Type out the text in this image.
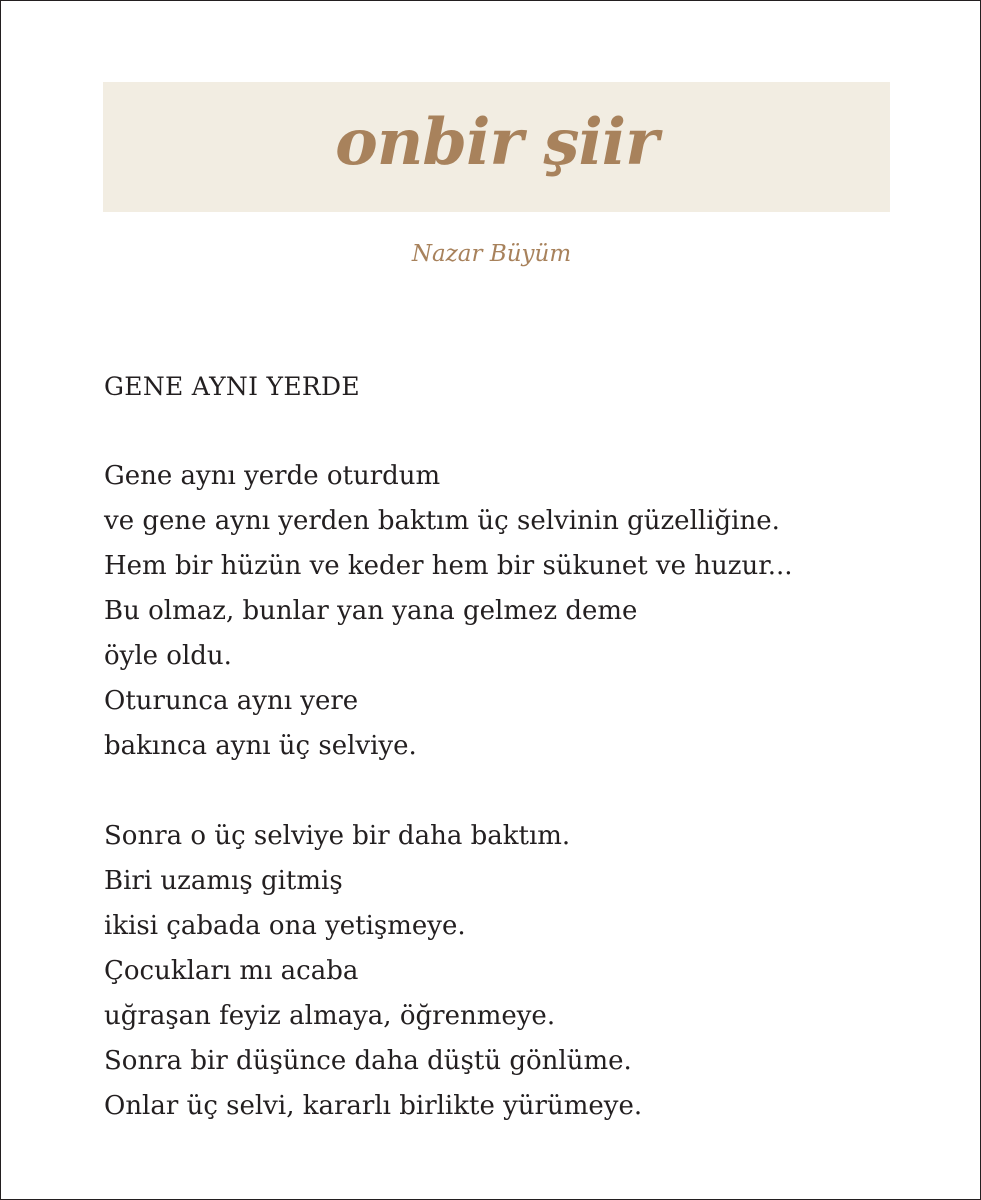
onbir şiir

Nazar Büyüm

GENE AYNI YERDE
Gene aynı yerde oturdum
ve gene aynı yerden baktım üç selvinin güzelliğine.
Hem bir hüzün ve keder hem bir sükunet ve huzur...
Bu olmaz, bunlar yan yana gelmez deme
öyle oldu.
Oturunca aynı yere
bakınca aynı üç selviye.
Sonra o üç selviye bir daha baktım.
Biri uzamış gitmiş
ikisi çabada ona yetişmeye.
Çocukları mı acaba
uğraşan feyiz almaya, öğrenmeye.
Sonra bir düşünce daha düştü gönlüme.
Onlar üç selvi, kararlı birlikte yürümeye.
